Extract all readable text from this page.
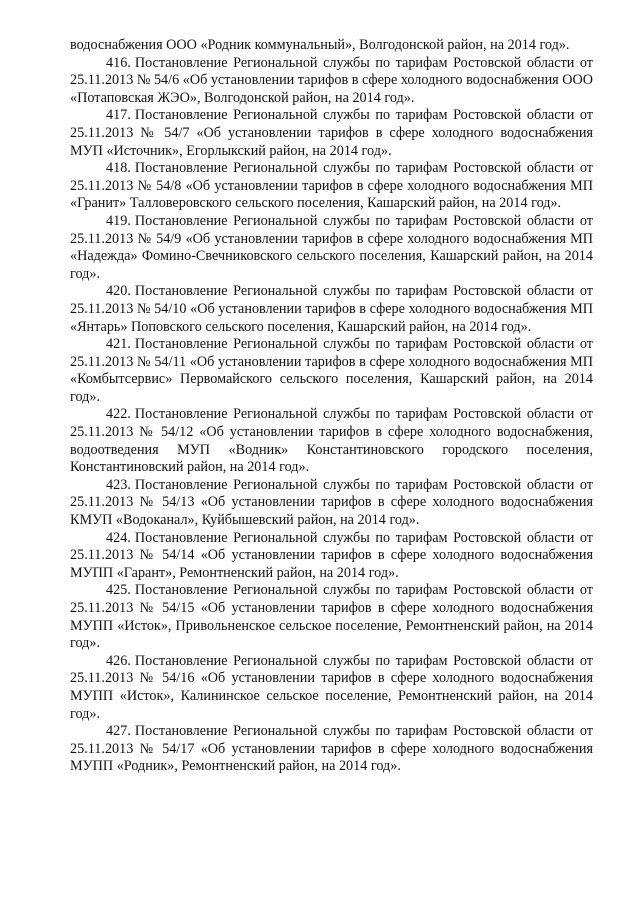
водоснабжения ООО «Родник коммунальный», Волгодонской район, на 2014 год».

416. Постановление Региональной службы по тарифам Ростовской области от 25.11.2013 № 54/6 «Об установлении тарифов в сфере холодного водоснабжения ООО «Потаповская ЖЭО», Волгодонской район, на 2014 год».

417. Постановление Региональной службы по тарифам Ростовской области от 25.11.2013 № 54/7 «Об установлении тарифов в сфере холодного водоснабжения МУП «Источник», Егорлыкский район, на 2014 год».

418. Постановление Региональной службы по тарифам Ростовской области от 25.11.2013 № 54/8 «Об установлении тарифов в сфере холодного водоснабжения МП «Гранит» Талловеровского сельского поселения, Кашарский район, на 2014 год».

419. Постановление Региональной службы по тарифам Ростовской области от 25.11.2013 № 54/9 «Об установлении тарифов в сфере холодного водоснабжения МП «Надежда» Фомино-Свечниковского сельского поселения, Кашарский район, на 2014 год».

420. Постановление Региональной службы по тарифам Ростовской области от 25.11.2013 № 54/10 «Об установлении тарифов в сфере холодного водоснабжения МП «Янтарь» Поповского сельского поселения, Кашарский район, на 2014 год».

421. Постановление Региональной службы по тарифам Ростовской области от 25.11.2013 № 54/11 «Об установлении тарифов в сфере холодного водоснабжения МП «Комбытсервис» Первомайского сельского поселения, Кашарский район, на 2014 год».

422. Постановление Региональной службы по тарифам Ростовской области от 25.11.2013 № 54/12 «Об установлении тарифов в сфере холодного водоснабжения, водоотведения МУП «Водник» Константиновского городского поселения, Константиновский район, на 2014 год».

423. Постановление Региональной службы по тарифам Ростовской области от 25.11.2013 № 54/13 «Об установлении тарифов в сфере холодного водоснабжения КМУП «Водоканал», Куйбышевский район, на 2014 год».

424. Постановление Региональной службы по тарифам Ростовской области от 25.11.2013 № 54/14 «Об установлении тарифов в сфере холодного водоснабжения МУПП «Гарант», Ремонтненский район, на 2014 год».

425. Постановление Региональной службы по тарифам Ростовской области от 25.11.2013 № 54/15 «Об установлении тарифов в сфере холодного водоснабжения МУПП «Исток», Привольненское сельское поселение, Ремонтненский район, на 2014 год».

426. Постановление Региональной службы по тарифам Ростовской области от 25.11.2013 № 54/16 «Об установлении тарифов в сфере холодного водоснабжения МУПП «Исток», Калининское сельское поселение, Ремонтненский район, на 2014 год».

427. Постановление Региональной службы по тарифам Ростовской области от 25.11.2013 № 54/17 «Об установлении тарифов в сфере холодного водоснабжения МУПП «Родник», Ремонтненский район, на 2014 год».
